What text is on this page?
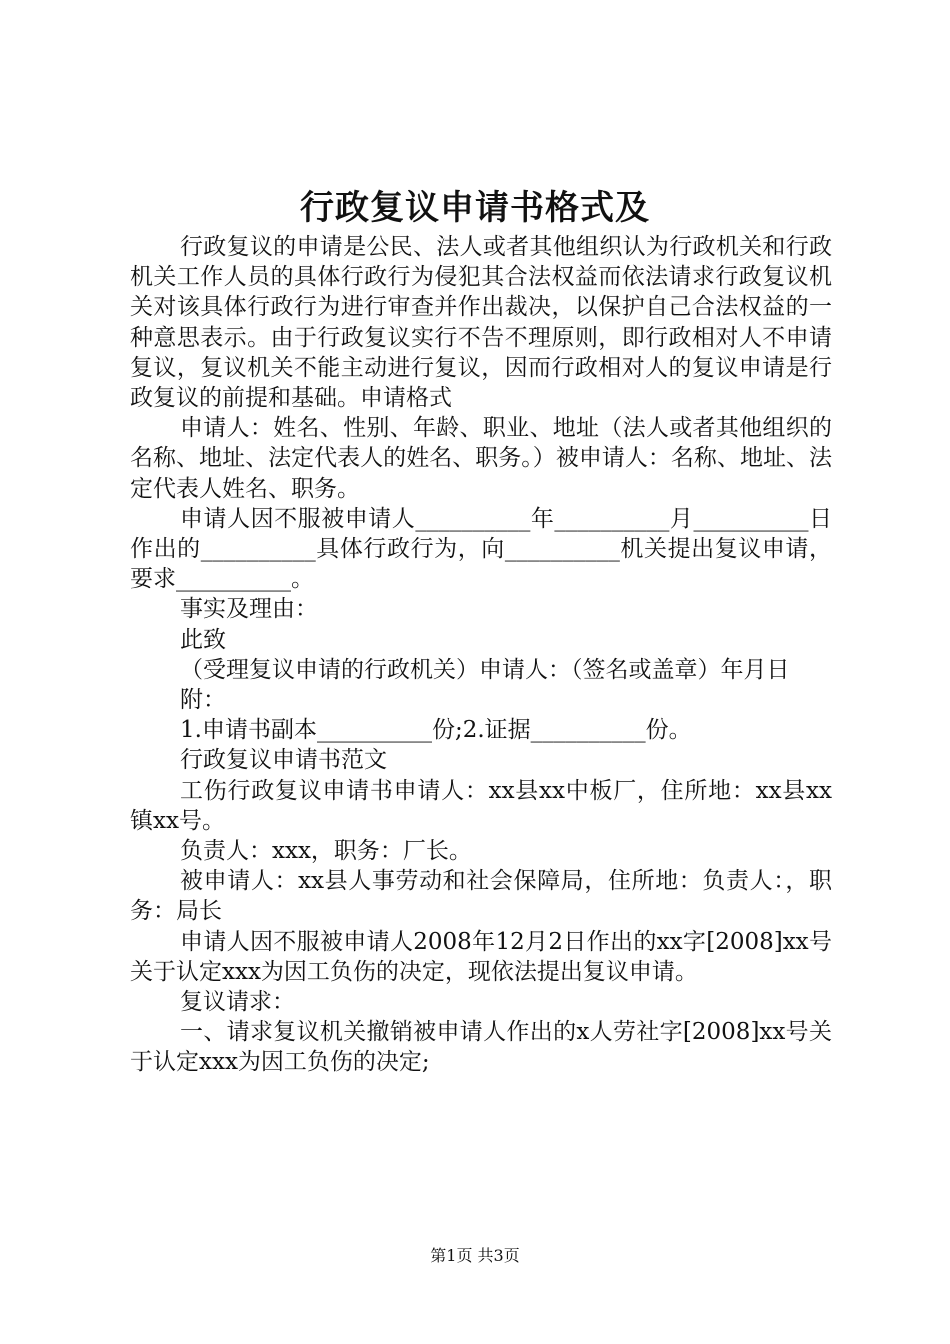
行政复议申请书格式及

行政复议的申请是公民、法人或者其他组织认为行政机关和行政机关工作人员的具体行政行为侵犯其合法权益而依法请求行政复议机关对该具体行政行为进行审查并作出裁决，以保护自己合法权益的一种意思表示。由于行政复议实行不告不理原则，即行政相对人不申请复议，复议机关不能主动进行复议，因而行政相对人的复议申请是行政复议的前提和基础。申请格式

申请人：姓名、性别、年龄、职业、地址（法人或者其他组织的名称、地址、法定代表人的姓名、职务。）被申请人：名称、地址、法定代表人姓名、职务。

申请人因不服被申请人__________年__________月__________日作出的__________具体行政行为，向__________机关提出复议申请，要求__________。

事实及理由：

此致

（受理复议申请的行政机关）申请人：（签名或盖章）年月日

附：

1.申请书副本__________份;2.证据__________份。

行政复议申请书范文

工伤行政复议申请书申请人：xx县xx中板厂，住所地：xx县xx镇xx号。

负责人：xxx，职务：厂长。

被申请人：xx县人事劳动和社会保障局，住所地：负责人：，职务：局长

申请人因不服被申请人2008年12月2日作出的xx字[2008]xx号关于认定xxx为因工负伤的决定，现依法提出复议申请。

复议请求：

一、请求复议机关撤销被申请人作出的x人劳社字[2008]xx号关于认定xxx为因工负伤的决定;

第1页 共3页
